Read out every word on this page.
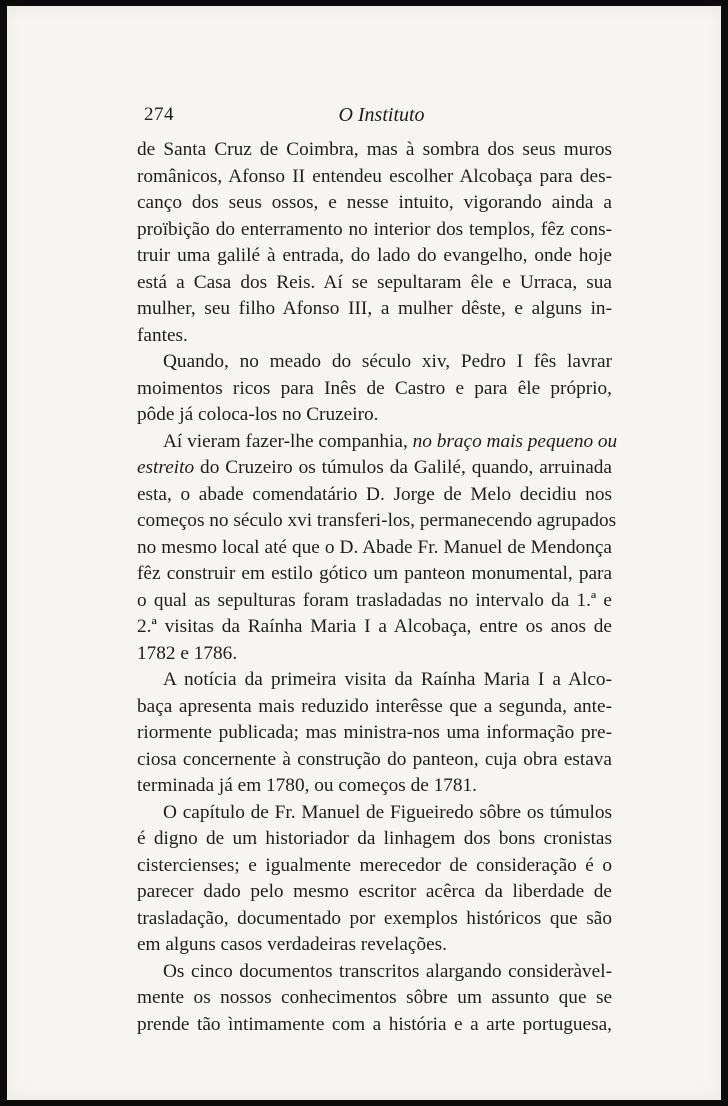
274	O Instituto
de Santa Cruz de Coimbra, mas à sombra dos seus muros
românicos, Afonso II entendeu escolher Alcobaça para des-
canço dos seus ossos, e nesse intuito, vigorando ainda a
proïbição do enterramento no interior dos templos, fêz cons-
truir uma galilé à entrada, do lado do evangelho, onde hoje
está a Casa dos Reis. Aí se sepultaram êle e Urraca, sua
mulher, seu filho Afonso III, a mulher dêste, e alguns in-
fantes.
Quando, no meado do século xiv, Pedro I fês lavrar
moimentos ricos para Inês de Castro e para êle próprio,
pôde já coloca-los no Cruzeiro.
Aí vieram fazer-lhe companhia, no braço mais pequeno ou
estreito do Cruzeiro os túmulos da Galilé, quando, arruinada
esta, o abade comendatário D. Jorge de Melo decidiu nos
começos no século xvi transferi-los, permanecendo agrupados
no mesmo local até que o D. Abade Fr. Manuel de Mendonça
fêz construir em estilo gótico um panteon monumental, para
o qual as sepulturas foram trasladadas no intervalo da 1.ª e
2.ª visitas da Raínha Maria I a Alcobaça, entre os anos de
1782 e 1786.
A notícia da primeira visita da Raínha Maria I a Alco-
baça apresenta mais reduzido interêsse que a segunda, ante-
riormente publicada; mas ministra-nos uma informação pre-
ciosa concernente à construção do panteon, cuja obra estava
terminada já em 1780, ou começos de 1781.
O capítulo de Fr. Manuel de Figueiredo sôbre os túmulos
é digno de um historiador da linhagem dos bons cronistas
cistercienses; e igualmente merecedor de consideração é o
parecer dado pelo mesmo escritor acêrca da liberdade de
trasladação, documentado por exemplos históricos que são
em alguns casos verdadeiras revelações.
Os cinco documentos transcritos alargando consideràvel-
mente os nossos conhecimentos sôbre um assunto que se
prende tão ìntimamente com a história e a arte portuguesa,
